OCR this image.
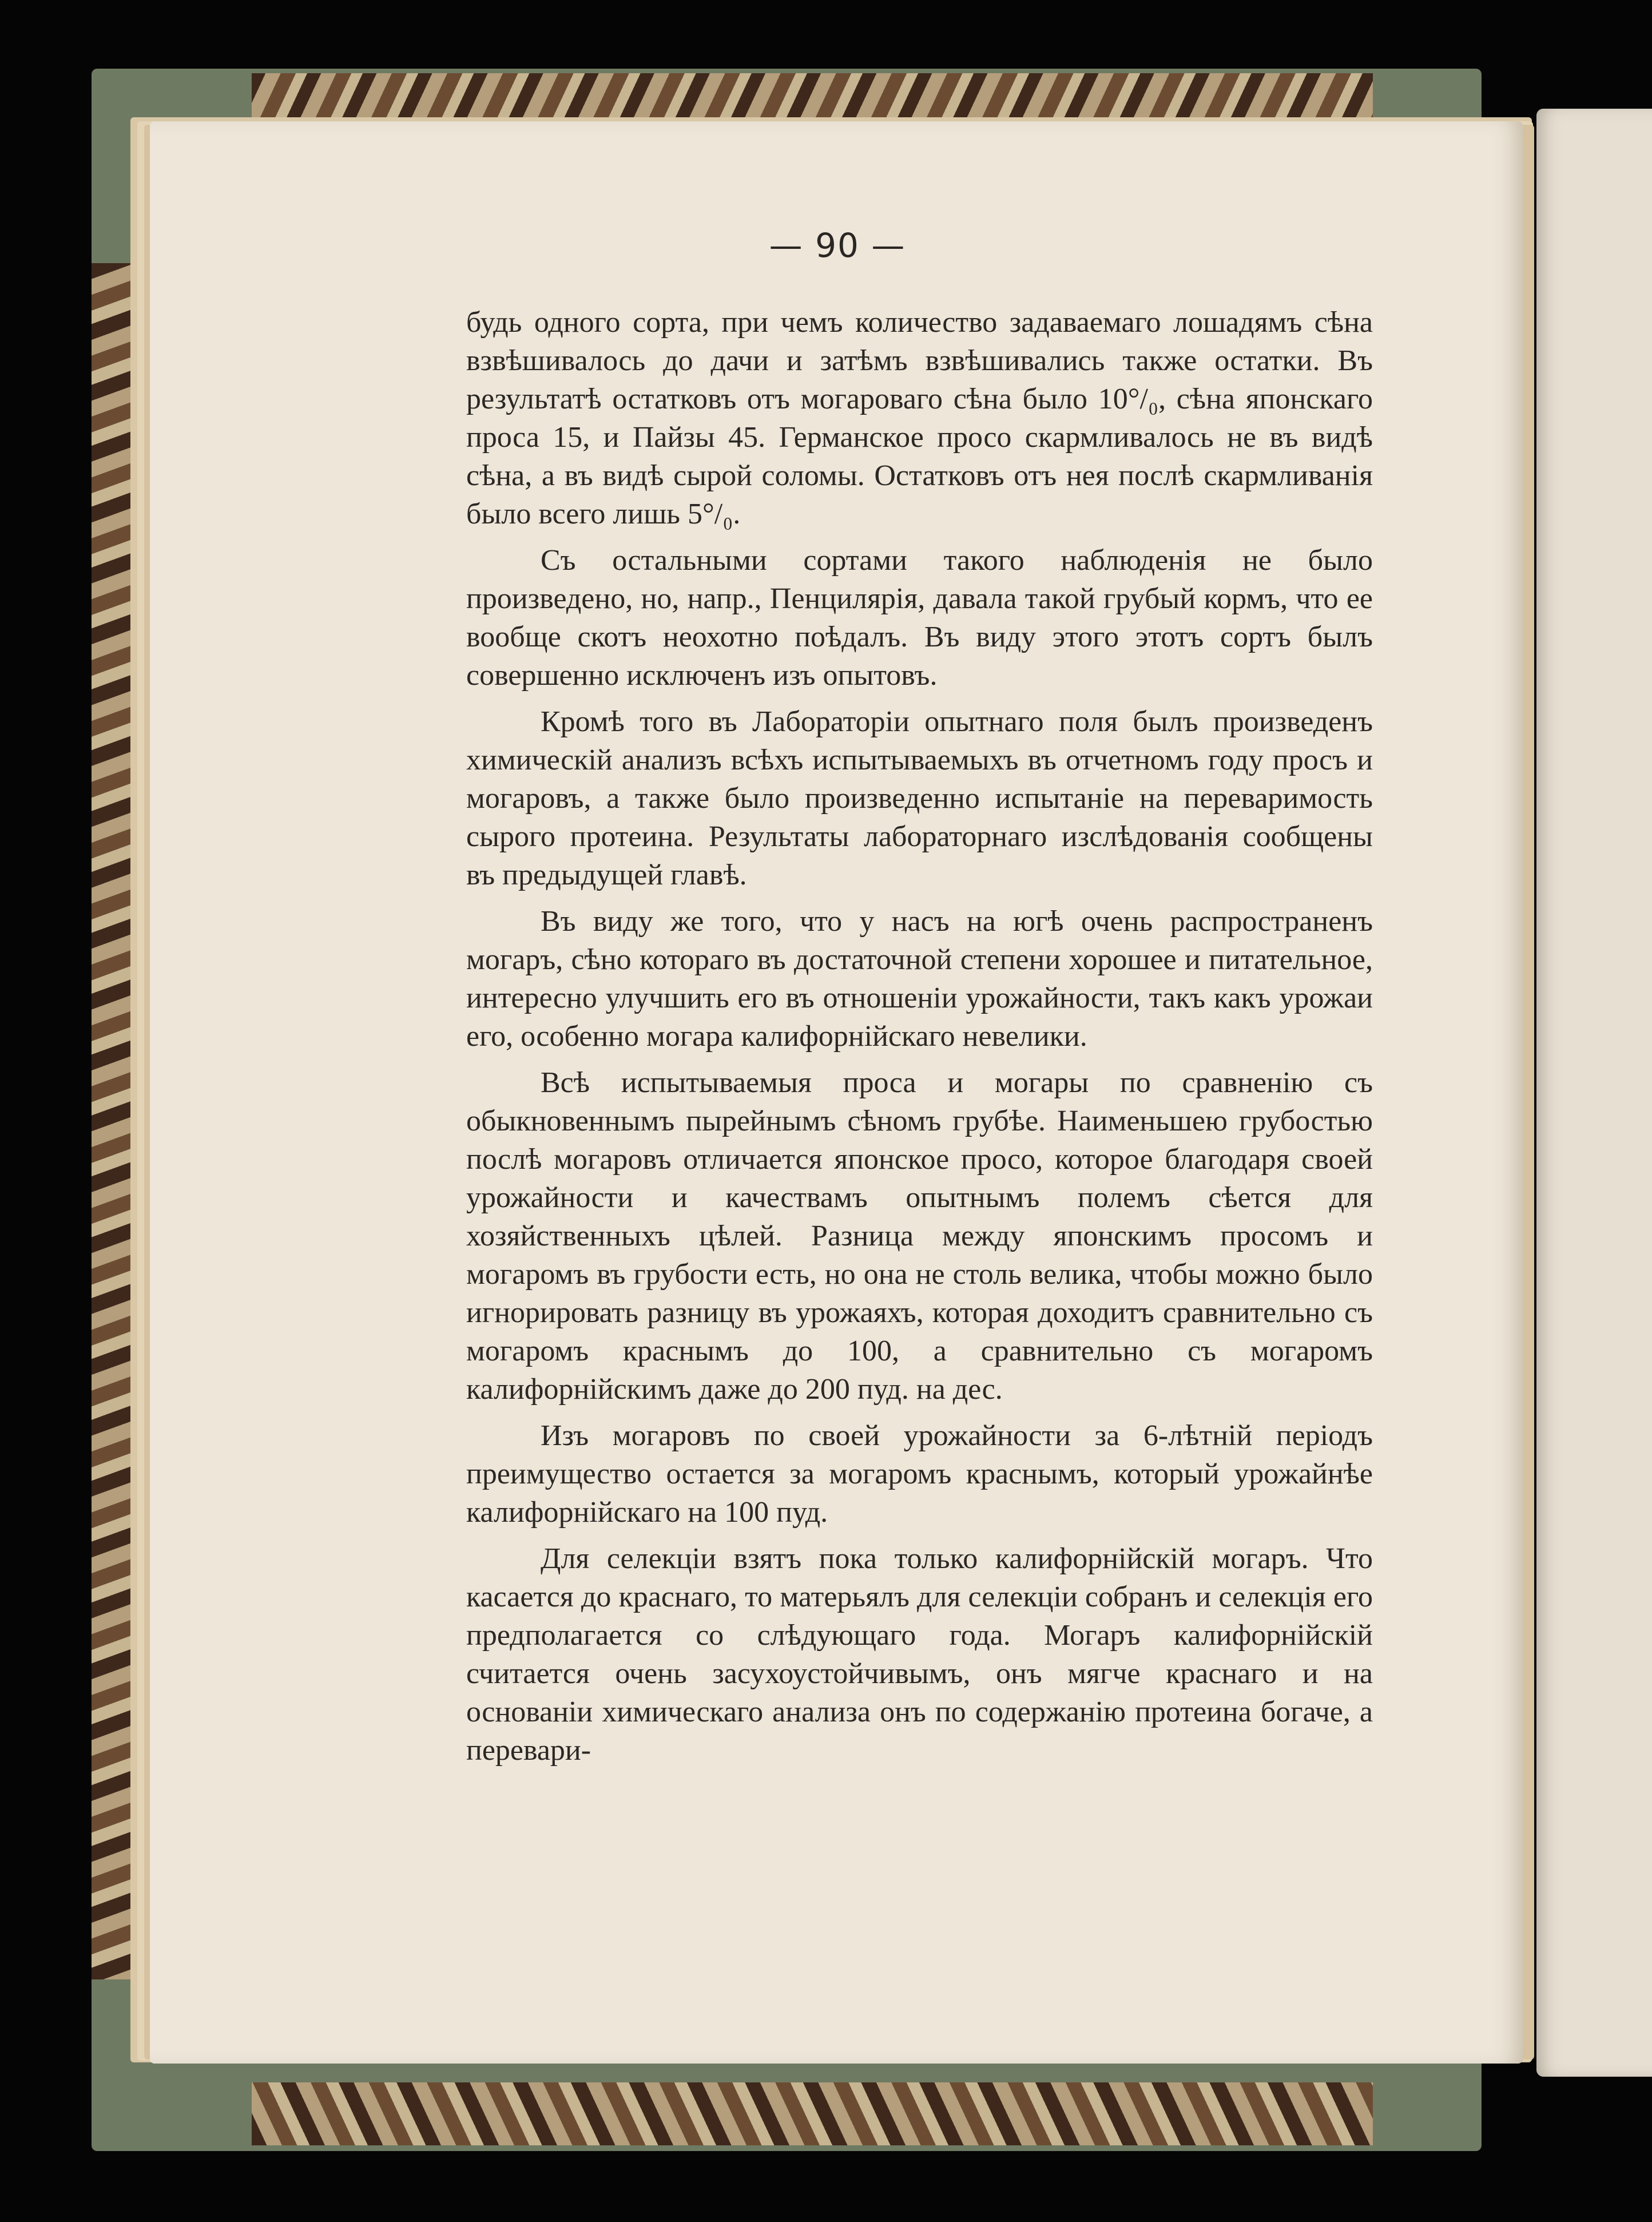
— 90 —

будь одного сорта, при чемъ количество задаваемаго лошадямъ сѣна взвѣшивалось до дачи и затѣмъ взвѣшивались также остатки. Въ результатѣ остатковъ отъ могароваго сѣна было 10°/₀, сѣна японскаго проса 15, и Пайзы 45. Германское просо скармливалось не въ видѣ сѣна, а въ видѣ сырой соломы. Остатковъ отъ нея послѣ скармливанія было всего лишь 5°/₀.

Съ остальными сортами такого наблюденія не было произведено, но, напр., Пенцилярія, давала такой грубый кормъ, что ее вообще скотъ неохотно поѣдалъ. Въ виду этого этотъ сортъ былъ совершенно исключенъ изъ опытовъ.

Кромѣ того въ Лабораторіи опытнаго поля былъ произведенъ химическій анализъ всѣхъ испытываемыхъ въ отчетномъ году просъ и могаровъ, а также было произведенно испытаніе на переваримость сырого протеина. Результаты лабораторнаго изслѣдованія сообщены въ предыдущей главѣ.

Въ виду же того, что у насъ на югѣ очень распространенъ могаръ, сѣно котораго въ достаточной степени хорошее и питательное, интересно улучшить его въ отношеніи урожайности, такъ какъ урожаи его, особенно могара калифорнійскаго невелики.

Всѣ испытываемыя проса и могары по сравненію съ обыкновеннымъ пырейнымъ сѣномъ грубѣе. Наименьшею грубостью послѣ могаровъ отличается японское просо, которое благодаря своей урожайности и качествамъ опытнымъ полемъ сѣется для хозяйственныхъ цѣлей. Разница между японскимъ просомъ и могаромъ въ грубости есть, но она не столь велика, чтобы можно было игнорировать разницу въ урожаяхъ, которая доходитъ сравнительно съ могаромъ краснымъ до 100, а сравнительно съ могаромъ калифорнійскимъ даже до 200 пуд. на дес.

Изъ могаровъ по своей урожайности за 6-лѣтній періодъ преимущество остается за могаромъ краснымъ, который урожайнѣе калифорнійскаго на 100 пуд.

Для селекціи взятъ пока только калифорнійскій могаръ. Что касается до краснаго, то матерьялъ для селекціи собранъ и селекція его предполагается со слѣдующаго года. Могаръ калифорнійскій считается очень засухоустойчивымъ, онъ мягче краснаго и на основаніи химическаго анализа онъ по содержанію протеина богаче, а перевари-
